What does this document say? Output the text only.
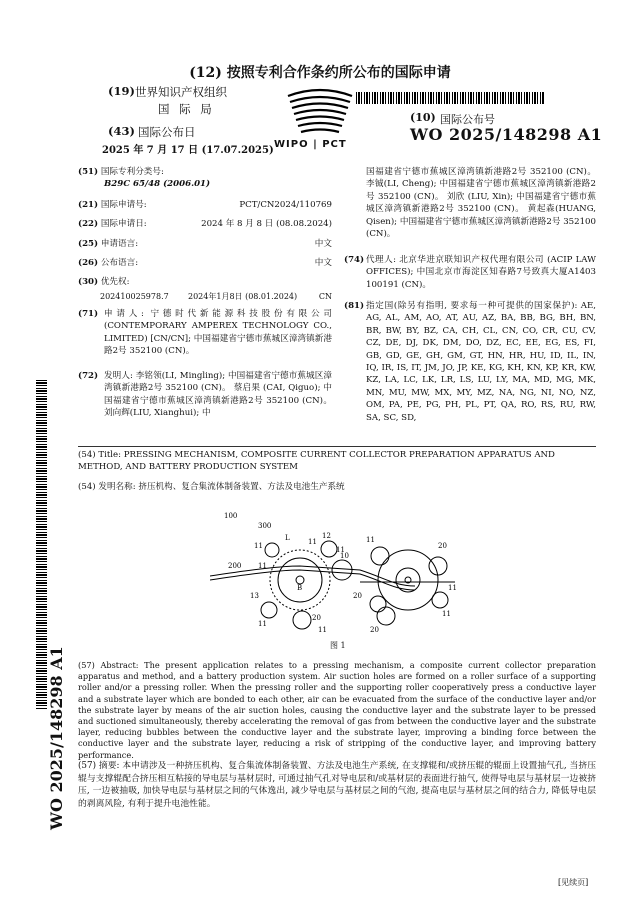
(12) 按照专利合作条约所公布的国际申请
(19) 世界知识产权组织
国 际 局
(43) 国际公布日
2025 年 7 月 17 日 (17.07.2025)
WIPO | PCT
(10) 国际公布号
WO 2025/148298 A1
(51) 国际专利分类号:
B29C 65/48 (2006.01)
(21) 国际申请号:	PCT/CN2024/110769
(22) 国际申请日:	2024 年 8 月 8 日 (08.08.2024)
(25) 申请语言:	中文
(26) 公布语言:	中文
(30) 优先权:
202410025978.7 2024年1月8日 (08.01.2024)	CN
(71) 申请人: 宁德时代新能源科技股份有限公司 (CONTEMPORARY AMPEREX TECHNOLOGY CO., LIMITED) [CN/CN]; 中国福建省宁德市蕉城区漳湾镇新港路2号 352100 (CN)。
(72) 发明人: 李铭领(LI, Mingling); 中国福建省宁德市蕉城区漳湾镇新港路2号 352100 (CN)。 蔡启果 (CAI, Qiguo); 中国福建省宁德市蕉城区漳湾镇新港路2号 352100 (CN)。 刘向辉(LIU, Xianghui); 中
国福建省宁德市蕉城区漳湾镇新港路2号 352100 (CN)。 李铖(LI, Cheng); 中国福建省宁德市蕉城区漳湾镇新港路2号 352100 (CN)。 刘欣 (LIU, Xin); 中国福建省宁德市蕉城区漳湾镇新港路2号 352100 (CN)。 黄起森(HUANG, Qisen); 中国福建省宁德市蕉城区漳湾镇新港路2号 352100 (CN)。
(74) 代理人: 北京华进京联知识产权代理有限公司 (ACIP LAW OFFICES); 中国北京市海淀区知春路7号致真大厦A1403 100191 (CN)。
(81) 指定国(除另有指明, 要求每一种可提供的国家保护): AE, AG, AL, AM, AO, AT, AU, AZ, BA, BB, BG, BH, BN, BR, BW, BY, BZ, CA, CH, CL, CN, CO, CR, CU, CV, CZ, DE, DJ, DK, DM, DO, DZ, EC, EE, EG, ES, FI, GB, GD, GE, GH, GM, GT, HN, HR, HU, ID, IL, IN, IQ, IR, IS, IT, JM, JO, JP, KE, KG, KH, KN, KP, KR, KW, KZ, LA, LC, LK, LR, LS, LU, LY, MA, MD, MG, MK, MN, MU, MW, MX, MY, MZ, NA, NG, NI, NO, NZ, OM, PA, PE, PG, PH, PL, PT, QA, RO, RS, RU, RW, SA, SC, SD,
WO 2025/148298 A1
(54) Title: PRESSING MECHANISM, COMPOSITE CURRENT COLLECTOR PREPARATION APPARATUS AND METHOD, AND BATTERY PRODUCTION SYSTEM
(54) 发明名称: 挤压机构、复合集流体制备装置、方法及电池生产系统
100
300
11
L	11
12
11
10
11
200
13
B
11
20
11
20
11
20
11
20
11
图 1
(57) Abstract: The present application relates to a pressing mechanism, a composite current collector preparation apparatus and method, and a battery production system. Air suction holes are formed on a roller surface of a supporting roller and/or a pressing roller. When the pressing roller and the supporting roller cooperatively press a conductive layer and a substrate layer which are bonded to each other, air can be evacuated from the surface of the conductive layer and/or the substrate layer by means of the air suction holes, causing the conductive layer and the substrate layer to be pressed and suctioned simultaneously, thereby accelerating the removal of gas from between the conductive layer and the substrate layer, reducing bubbles between the conductive layer and the substrate layer, improving a binding force between the conductive layer and the substrate layer, reducing a risk of stripping of the conductive layer, and improving battery performance.
(57) 摘要: 本申请涉及一种挤压机构、复合集流体制备装置、方法及电池生产系统, 在支撑辊和/或挤压辊的辊面上设置抽气孔, 当挤压辊与支撑辊配合挤压相互粘接的导电层与基材层时, 可通过抽气孔对导电层和/或基材层的表面进行抽气, 使得导电层与基材层一边被挤压, 一边被抽吸, 加快导电层与基材层之间的气体逸出, 减少导电层与基材层之间的气泡, 提高电层与基材层之间的结合力, 降低导电层的剥离风险, 有利于提升电池性能。
[见续页]
